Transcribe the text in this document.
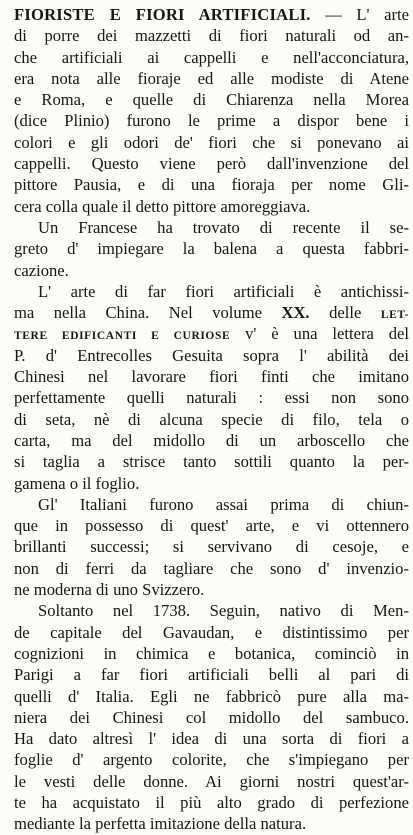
FIORISTE E FIORI ARTIFICIALI. — L' arte
di porre dei mazzetti di fiori naturali od an-
che artificiali ai cappelli e nell'acconciatura,
era nota alle fioraje ed alle modiste di Atene
e Roma, e quelle di Chiarenza nella Morea
(dice Plinio) furono le prime a dispor bene i
colori e gli odori de' fiori che si ponevano ai
cappelli. Questo viene però dall'invenzione del
pittore Pausia, e di una fioraja per nome Gli-
cera colla quale il detto pittore amoreggiava.
Un Francese ha trovato di recente il se-
greto d' impiegare la balena a questa fabbri-
cazione.
L' arte di far fiori artificiali è antichissi-
ma nella China. Nel volume XX. delle LET-
TERE EDIFICANTI E CURIOSE v' è una lettera del
P. d' Entrecolles Gesuita sopra l' abilità dei
Chinesi nel lavorare fiori finti che imitano
perfettamente quelli naturali : essi non sono
di seta, nè di alcuna specie di filo, tela o
carta, ma del midollo di un arboscello che
si taglia a strisce tanto sottili quanto la per-
gamena o il foglio.
Gl' Italiani furono assai prima di chiun-
que in possesso di quest' arte, e vi ottennero
brillanti successi; si servivano di cesoje, e
non di ferri da tagliare che sono d' invenzio-
ne moderna di uno Svizzero.
Soltanto nel 1738. Seguin, nativo di Men-
de capitale del Gavaudan, e distintissimo per
cognizioni in chimica e botanica, cominciò in
Parigi a far fiori artificiali belli al pari di
quelli d' Italia. Egli ne fabbricò pure alla ma-
niera dei Chinesi col midollo del sambuco.
Ha dato altresì l' idea di una sorta di fiori a
foglie d' argento colorite, che s'impiegano per
le vesti delle donne. Ai giorni nostri quest'ar-
te ha acquistato il più alto grado di perfezione
mediante la perfetta imitazione della natura.
